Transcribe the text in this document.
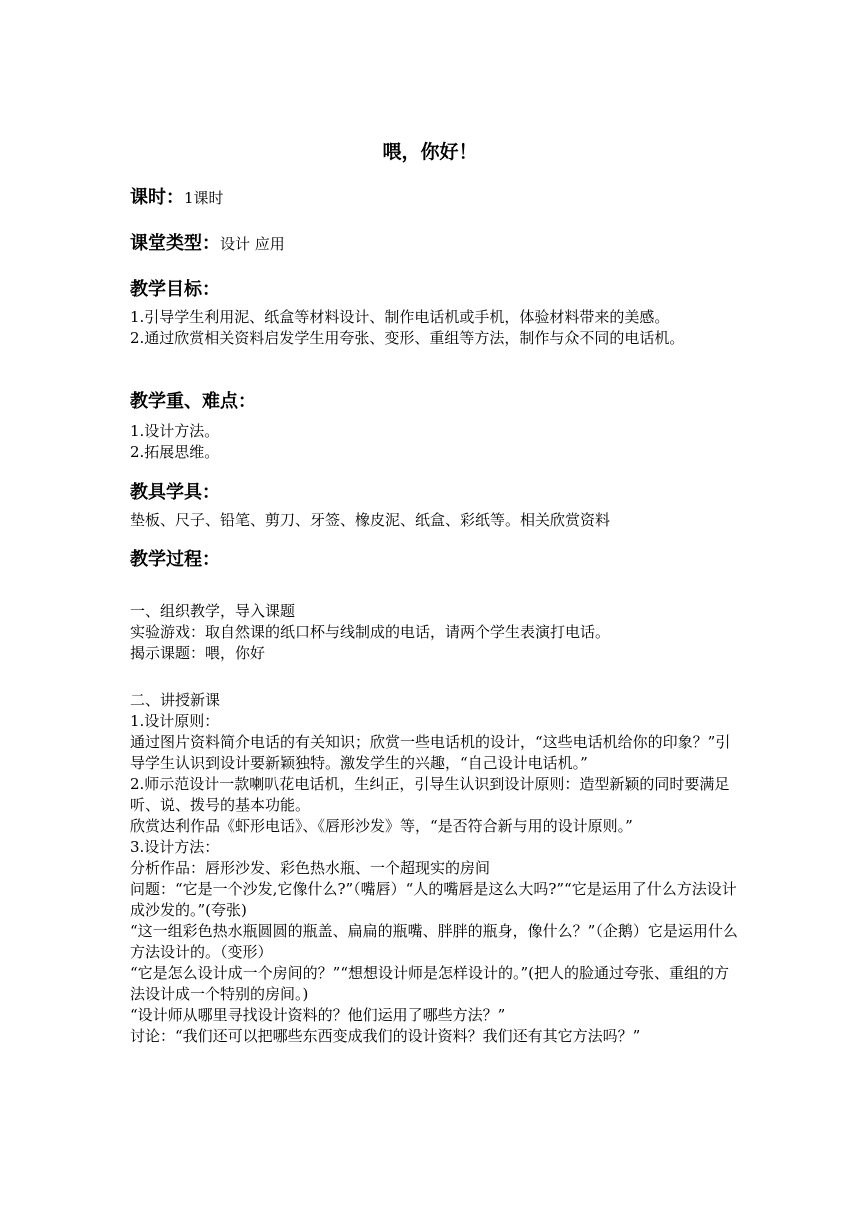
喂，你好！
课时：1课时
课堂类型：设计 应用
教学目标：

1.引导学生利用泥、纸盒等材料设计、制作电话机或手机，体验材料带来的美感。

2.通过欣赏相关资料启发学生用夸张、变形、重组等方法，制作与众不同的电话机。

教学重、难点：

1.设计方法。

2.拓展思维。

教具学具：
垫板、尺子、铅笔、剪刀、牙签、橡皮泥、纸盒、彩纸等。相关欣赏资料
教学过程：

一、组织教学，导入课题

实验游戏：取自然课的纸口杯与线制成的电话，请两个学生表演打电话。

揭示课题：喂，你好

二、讲授新课

1.设计原则：

通过图片资料简介电话的有关知识；欣赏一些电话机的设计，“这些电话机给你的印象？”引导学生认识到设计要新颖独特。激发学生的兴趣，“自己设计电话机。”

2.师示范设计一款喇叭花电话机，生纠正，引导生认识到设计原则：造型新颖的同时要满足听、说、拨号的基本功能。

欣赏达利作品《虾形电话》、《唇形沙发》等，“是否符合新与用的设计原则。”

3.设计方法：

分析作品：唇形沙发、彩色热水瓶、一个超现实的房间

问题：“它是一个沙发,它像什么?”（嘴唇）“人的嘴唇是这么大吗?”“它是运用了什么方法设计成沙发的。”(夸张)

“这一组彩色热水瓶圆圆的瓶盖、扁扁的瓶嘴、胖胖的瓶身，像什么？”（企鹅）它是运用什么方法设计的。（变形）

“它是怎么设计成一个房间的？”“想想设计师是怎样设计的。”(把人的脸通过夸张、重组的方法设计成一个特别的房间。)

“设计师从哪里寻找设计资料的？他们运用了哪些方法？”

讨论：“我们还可以把哪些东西变成我们的设计资料？我们还有其它方法吗？”
